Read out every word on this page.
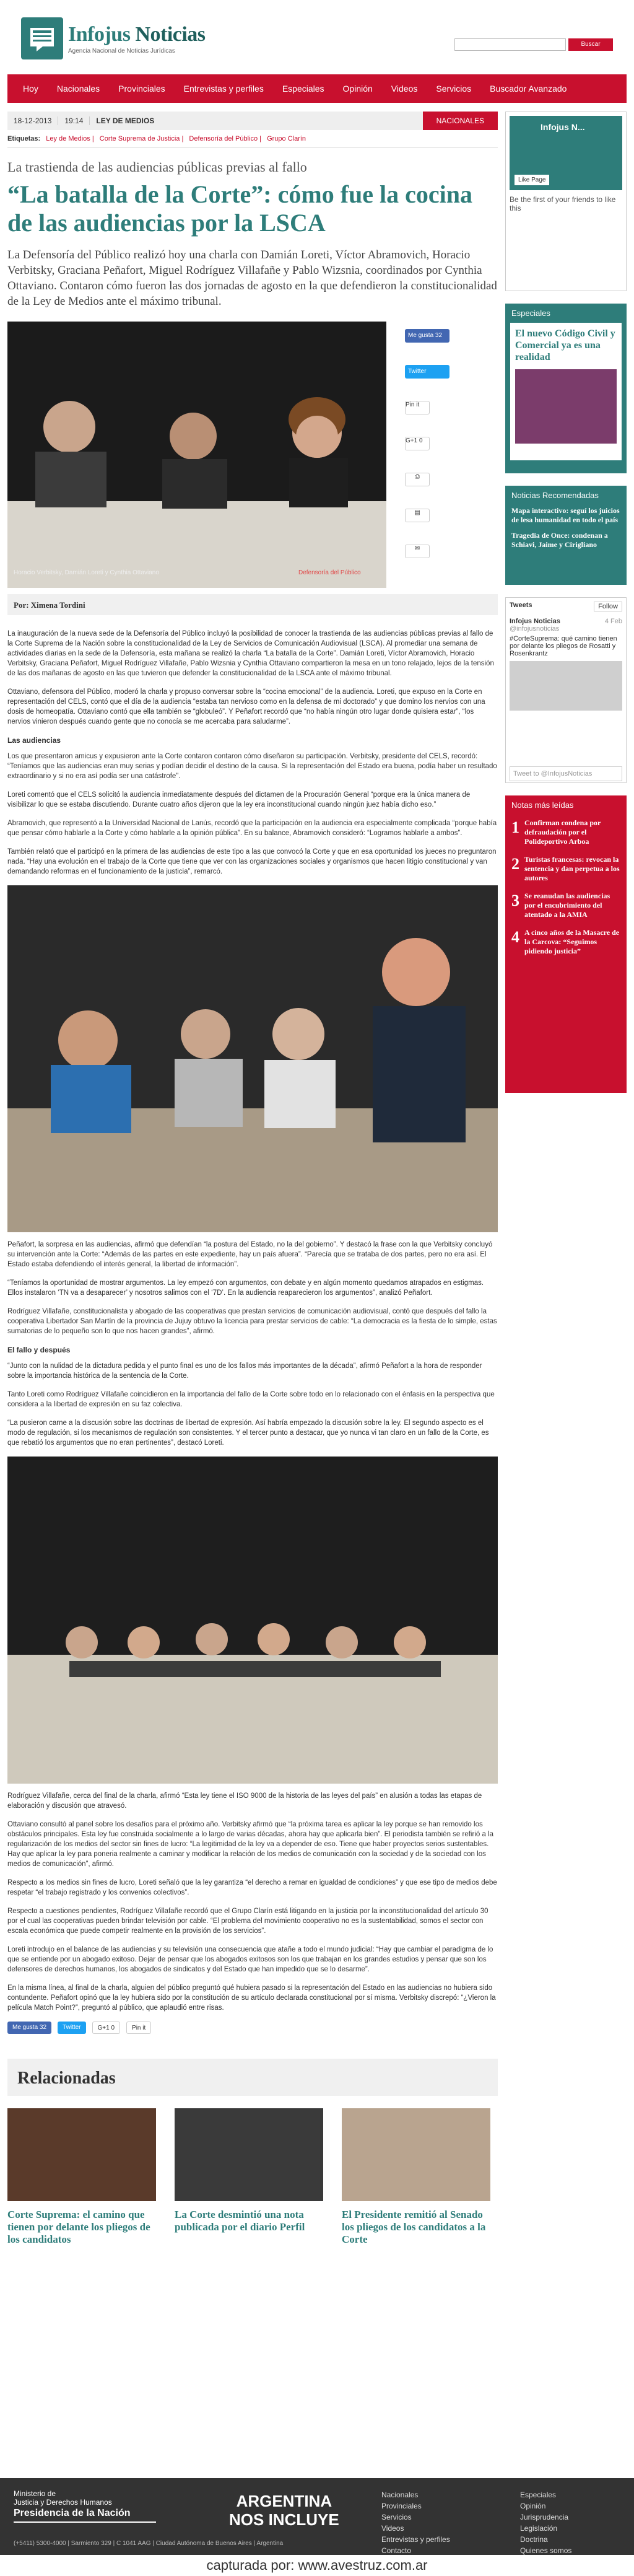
Infojus Noticias
Agencia Nacional de Noticias Jurídicas
Buscar
Hoy	Nacionales	Provinciales	Entrevistas y perfiles	Especiales	Opinión	Videos	Servicios	Buscador Avanzado
18-12-2013	19:14	LEY DE MEDIOS	NACIONALES
Etiquetas: Ley de Medios | Corte Suprema de Justicia | Defensoría del Público | Grupo Clarín
La trastienda de las audiencias públicas previas al fallo
“La batalla de la Corte”: cómo fue la cocina de las audiencias por la LSCA
La Defensoría del Público realizó hoy una charla con Damián Loreti, Víctor Abramovich, Horacio Verbitsky, Graciana Peñafort, Miguel Rodríguez Villafañe y Pablo Wizsnia, coordinados por Cynthia Ottaviano. Contaron cómo fueron las dos jornadas de agosto en la que defendieron la constitucionalidad de la Ley de Medios ante el máximo tribunal.
Horacio Verbitsky, Damián Loreti y Cynthia Ottaviano	Defensoría del Público
Me gusta 32
Twitter
Pin it
G+1 0
⎙
▤
✉
Por: Ximena Tordini

La inauguración de la nueva sede de la Defensoría del Público incluyó la posibilidad de conocer la trastienda de las audiencias públicas previas al fallo de la Corte Suprema de la Nación sobre la constitucionalidad de la Ley de Servicios de Comunicación Audiovisual (LSCA). Al promediar una semana de actividades diarias en la sede de la Defensoría, esta mañana se realizó la charla “La batalla de la Corte”. Damián Loreti, Víctor Abramovich, Horacio Verbitsky, Graciana Peñafort, Miguel Rodríguez Villafañe, Pablo Wizsnia y Cynthia Ottaviano compartieron la mesa en un tono relajado, lejos de la tensión de las dos mañanas de agosto en las que tuvieron que defender la constitucionalidad de la LSCA ante el máximo tribunal.

Ottaviano, defensora del Público, moderó la charla y propuso conversar sobre la “cocina emocional” de la audiencia. Loreti, que expuso en la Corte en representación del CELS, contó que el día de la audiencia “estaba tan nervioso como en la defensa de mi doctorado” y que domino los nervios con una dosis de homeopatía. Ottaviano contó que ella también se “globuleó”. Y Peñafort recordó que “no había ningún otro lugar donde quisiera estar”, “los nervios vinieron después cuando gente que no conocía se me acercaba para saludarme”.

Las audiencias

Los que presentaron amicus y expusieron ante la Corte contaron contaron cómo diseñaron su participación. Verbitsky, presidente del CELS, recordó: “Teníamos que las audiencias eran muy serias y podían decidir el destino de la causa. Si la representación del Estado era buena, podía haber un resultado extraordinario y si no era así podía ser una catástrofe”.

Loreti comentó que el CELS solicitó la audiencia inmediatamente después del dictamen de la Procuración General “porque era la única manera de visibilizar lo que se estaba discutiendo. Durante cuatro años dijeron que la ley era inconstitucional cuando ningún juez había dicho eso.”

Abramovich, que representó a la Universidad Nacional de Lanús, recordó que la participación en la audiencia era especialmente complicada “porque había que pensar cómo hablarle a la Corte y cómo hablarle a la opinión pública”. En su balance, Abramovich consideró: “Logramos hablarle a ambos”.

También relató que el participó en la primera de las audiencias de este tipo a las que convocó la Corte y que en esa oportunidad los jueces no preguntaron nada. “Hay una evolución en el trabajo de la Corte que tiene que ver con las organizaciones sociales y organismos que hacen litigio constitucional y van demandando reformas en el funcionamiento de la justicia”, remarcó.

Peñafort, la sorpresa en las audiencias, afirmó que defendían “la postura del Estado, no la del gobierno”. Y destacó la frase con la que Verbitsky concluyó su intervención ante la Corte: “Además de las partes en este expediente, hay un país afuera”. “Parecía que se trataba de dos partes, pero no era así. El Estado estaba defendiendo el interés general, la libertad de información”.

“Teníamos la oportunidad de mostrar argumentos. La ley empezó con argumentos, con debate y en algún momento quedamos atrapados en estigmas. Ellos instalaron ‘TN va a desaparecer’ y nosotros salimos con el ‘7D’. En la audiencia reaparecieron los argumentos”, analizó Peñafort.

Rodríguez Villafañe, constitucionalista y abogado de las cooperativas que prestan servicios de comunicación audiovisual, contó que después del fallo la cooperativa Libertador San Martín de la provincia de Jujuy obtuvo la licencia para prestar servicios de cable: “La democracia es la fiesta de lo simple, estas sumatorias de lo pequeño son lo que nos hacen grandes”, afirmó.

El fallo y después

“Junto con la nulidad de la dictadura pedida y el punto final es uno de los fallos más importantes de la década”, afirmó Peñafort a la hora de responder sobre la importancia histórica de la sentencia de la Corte.

Tanto Loreti como Rodríguez Villafañe coincidieron en la importancia del fallo de la Corte sobre todo en lo relacionado con el énfasis en la perspectiva que considera a la libertad de expresión en su faz colectiva.

“La pusieron carne a la discusión sobre las doctrinas de libertad de expresión. Así habría empezado la discusión sobre la ley. El segundo aspecto es el modo de regulación, si los mecanismos de regulación son consistentes. Y el tercer punto a destacar, que yo nunca vi tan claro en un fallo de la Corte, es que rebatió los argumentos que no eran pertinentes”, destacó Loreti.

Rodríguez Villafañe, cerca del final de la charla, afirmó “Esta ley tiene el ISO 9000 de la historia de las leyes del país” en alusión a todas las etapas de elaboración y discusión que atravesó.

Ottaviano consultó al panel sobre los desafíos para el próximo año. Verbitsky afirmó que “la próxima tarea es aplicar la ley porque se han removido los obstáculos principales. Esta ley fue construida socialmente a lo largo de varias décadas, ahora hay que aplicarla bien”. El periodista también se refirió a la regularización de los medios del sector sin fines de lucro: “La legitimidad de la ley va a depender de eso. Tiene que haber proyectos serios sustentables. Hay que aplicar la ley para poneria realmente a caminar y modificar la relación de los medios de comunicación con la sociedad y de la sociedad con los medios de comunicación”, afirmó.

Respecto a los medios sin fines de lucro, Loreti señaló que la ley garantiza “el derecho a remar en igualdad de condiciones” y que ese tipo de medios debe respetar “el trabajo registrado y los convenios colectivos”.

Respecto a cuestiones pendientes, Rodríguez Villafañe recordó que el Grupo Clarín está litigando en la justicia por la inconstitucionalidad del artículo 30 por el cual las cooperativas pueden brindar televisión por cable. “El problema del movimiento cooperativo no es la sustentabilidad, somos el sector con escala económica que puede competir realmente en la provisión de los servicios”.

Loreti introdujo en el balance de las audiencias y su televisión una consecuencia que atañe a todo el mundo judicial: “Hay que cambiar el paradigma de lo que se entiende por un abogado exitoso. Dejar de pensar que los abogados exitosos son los que trabajan en los grandes estudios y pensar que son los defensores de derechos humanos, los abogados de sindicatos y del Estado que han impedido que se lo desarme”.

En la misma línea, al final de la charla, alguien del público preguntó qué hubiera pasado si la representación del Estado en las audiencias no hubiera sido contundente. Peñafort opinó que la ley hubiera sido por la constitución de su artículo declarada constitucional por sí misma. Verbitsky discrepó: “¿Vieron la película Match Point?”, preguntó al público, que aplaudió entre risas.

Me gusta 32	Twitter	G+1 0	Pin it
Relacionadas
Corte Suprema: el camino que tienen por delante los pliegos de los candidatos
La Corte desmintió una nota publicada por el diario Perfil
El Presidente remitió al Senado los pliegos de los candidatos a la Corte
Infojus N...
Like Page
Be the first of your friends to like this
Especiales
El nuevo Código Civil y Comercial ya es una realidad
Noticias Recomendadas
Mapa interactivo: seguí los juicios de lesa humanidad en todo el país
Tragedia de Once: condenan a Schiavi, Jaime y Cirigliano
Tweets	Follow
Infojus Noticias	4 Feb
@infojusnoticias
#CorteSuprema: qué camino tienen por delante los pliegos de Rosatti y Rosenkrantz
Tweet to @InfojusNoticias
Notas más leídas
1 Confirman condena por defraudación por el Polideportivo Arboa
2 Turistas francesas: revocan la sentencia y dan perpetua a los autores
3 Se reanudan las audiencias por el encubrimiento del atentado a la AMIA
4 A cinco años de la Masacre de la Carcova: “Seguimos pidiendo justicia”
Ministerio de
Justicia y Derechos Humanos
Presidencia de la Nación
ARGENTINA
NOS INCLUYE
Nacionales
Provinciales
Servicios
Videos
Entrevistas y perfiles
Contacto
Especiales
Opinión
Jurisprudencia
Legislación
Doctrina
Quienes somos
(+5411) 5300-4000 | Sarmiento 329 | C 1041 AAG | Ciudad Autónoma de Buenos Aires | Argentina
capturada por: www.avestruz.com.ar
